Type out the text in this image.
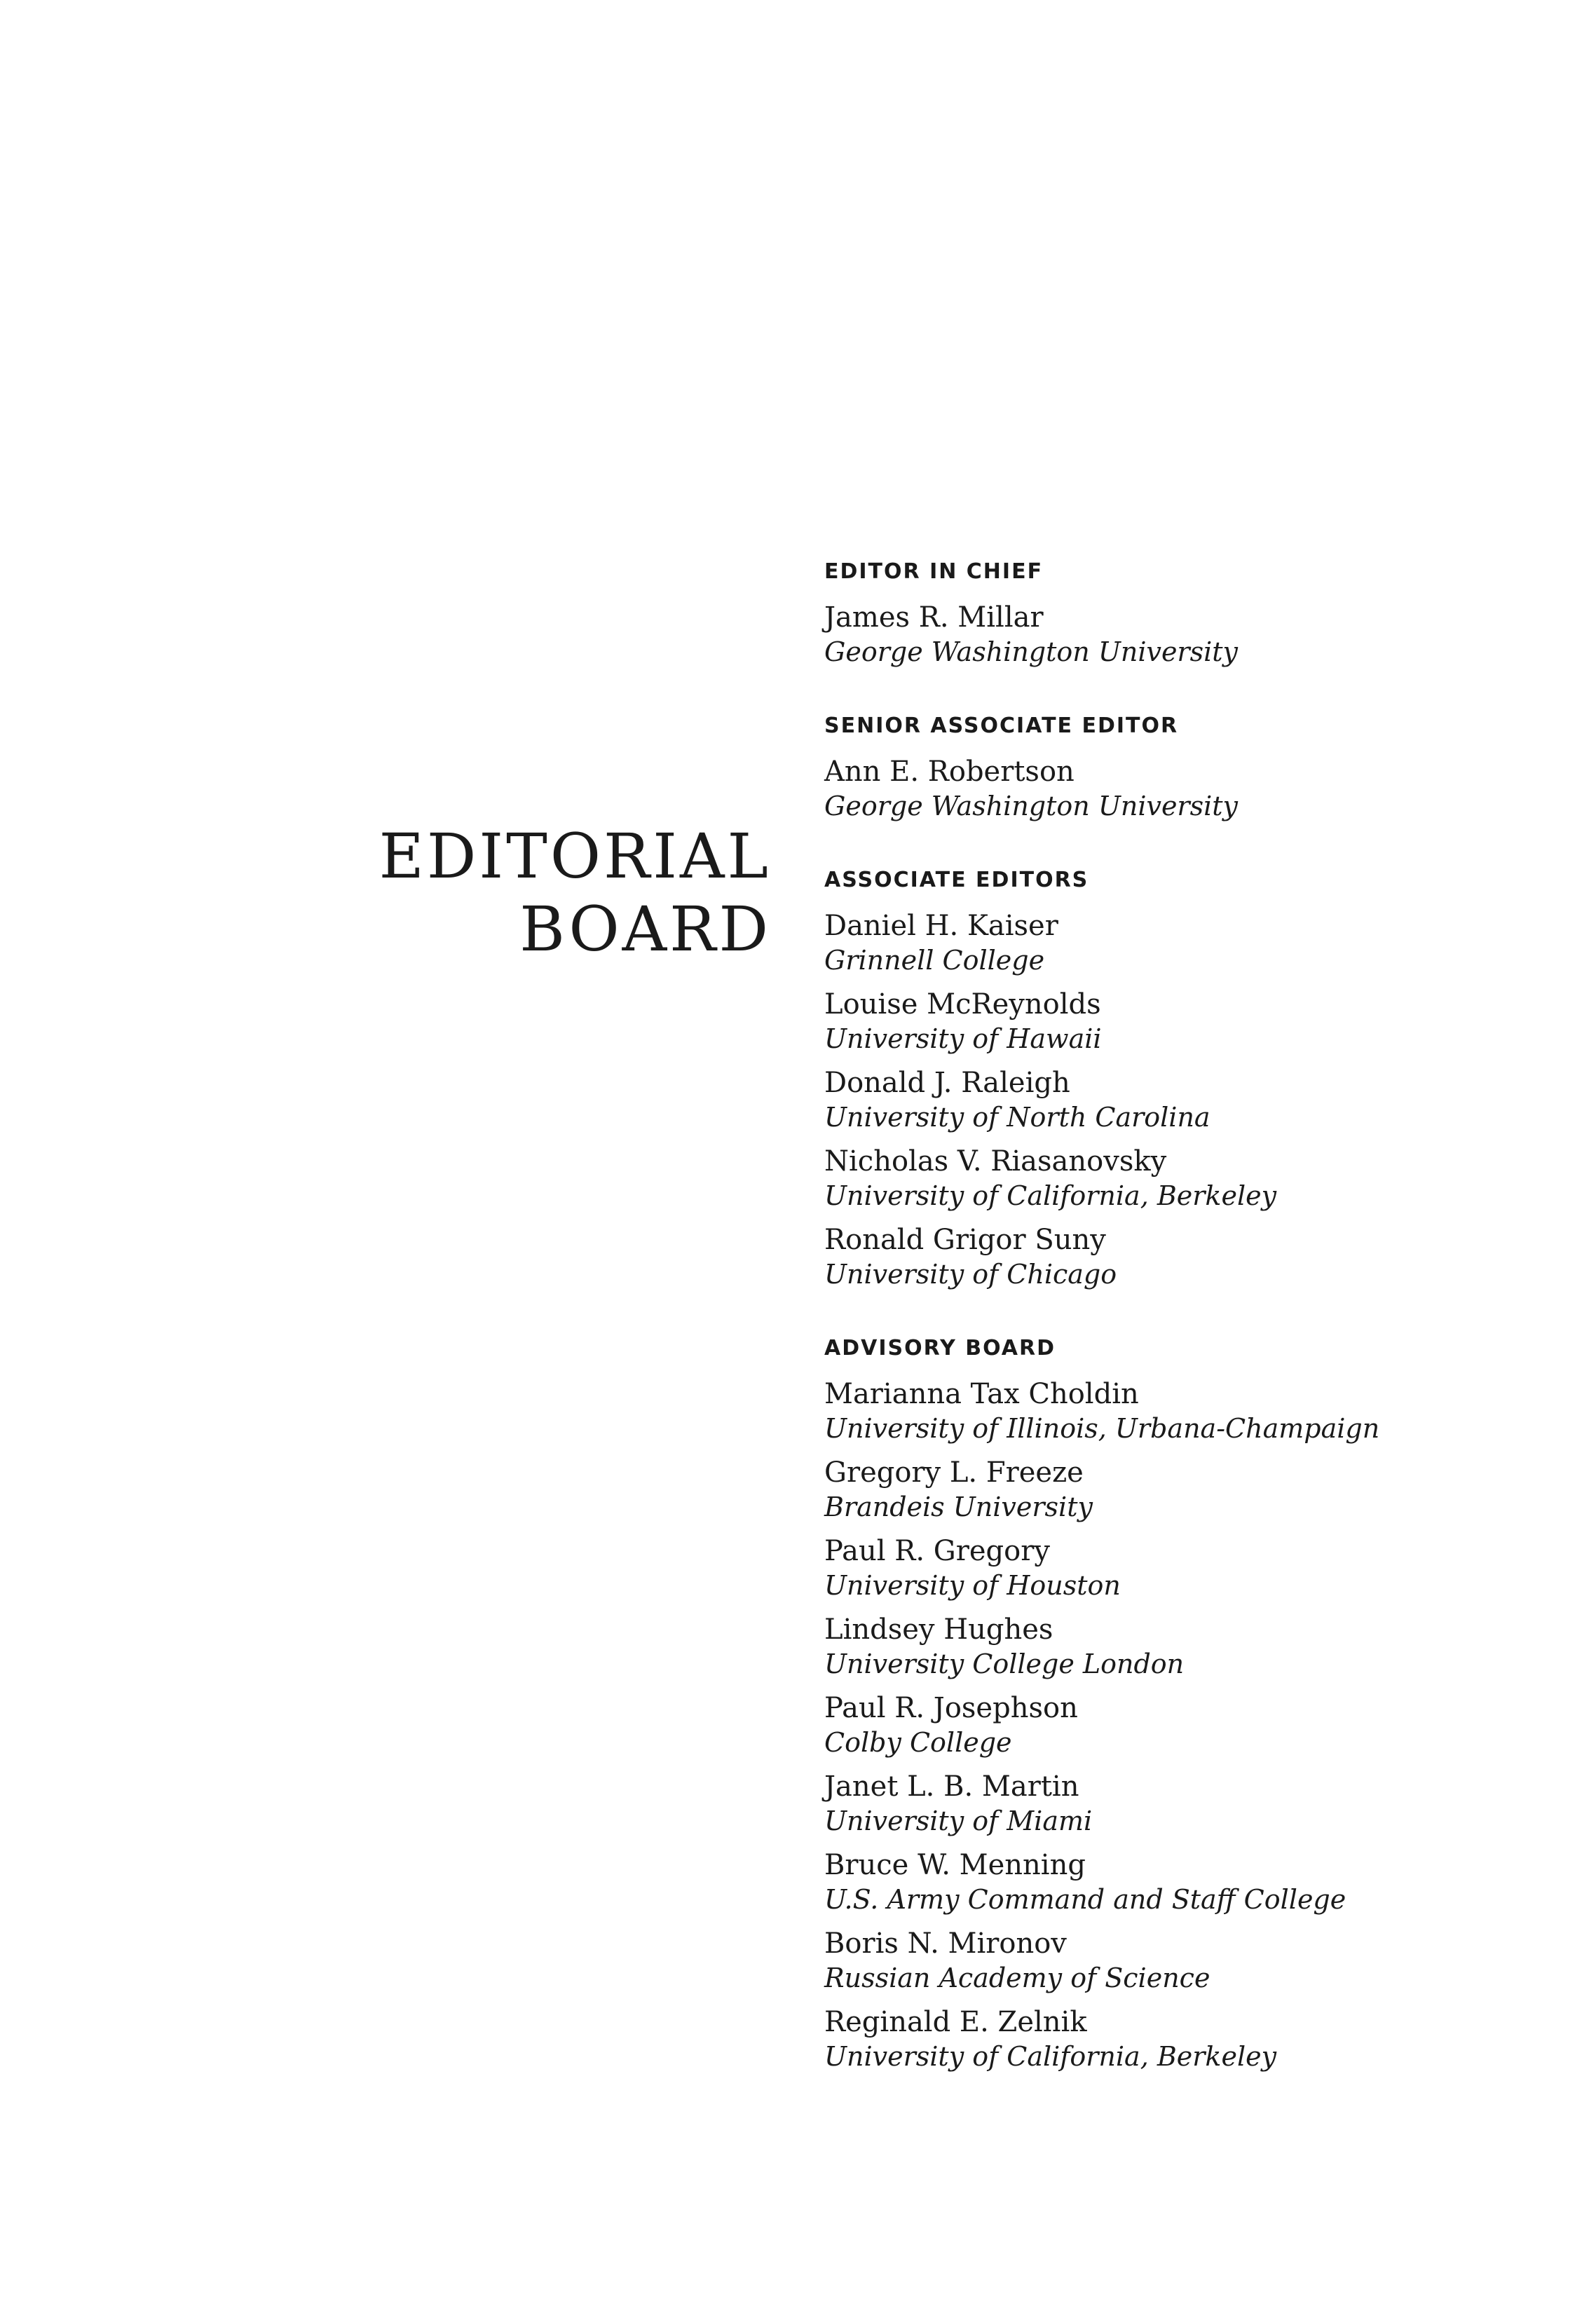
EDITORIAL
BOARD
EDITOR IN CHIEF
James R. Millar
George Washington University
SENIOR ASSOCIATE EDITOR
Ann E. Robertson
George Washington University
ASSOCIATE EDITORS
Daniel H. Kaiser
Grinnell College
Louise McReynolds
University of Hawaii
Donald J. Raleigh
University of North Carolina
Nicholas V. Riasanovsky
University of California, Berkeley
Ronald Grigor Suny
University of Chicago
ADVISORY BOARD
Marianna Tax Choldin
University of Illinois, Urbana-Champaign
Gregory L. Freeze
Brandeis University
Paul R. Gregory
University of Houston
Lindsey Hughes
University College London
Paul R. Josephson
Colby College
Janet L. B. Martin
University of Miami
Bruce W. Menning
U.S. Army Command and Staff College
Boris N. Mironov
Russian Academy of Science
Reginald E. Zelnik
University of California, Berkeley
